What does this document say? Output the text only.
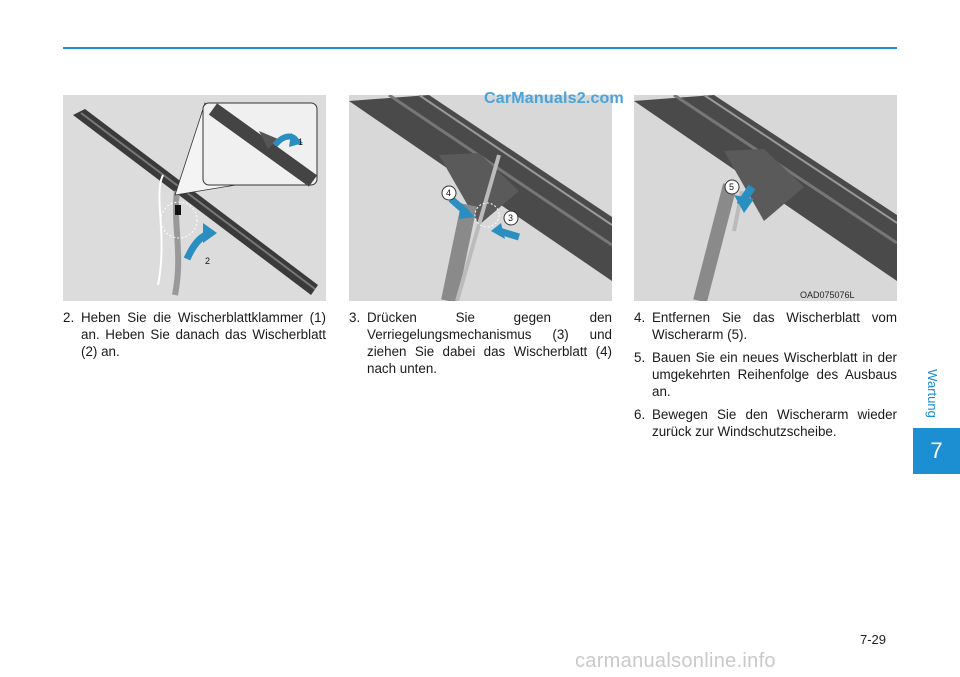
1
2
4
3
5
OAD075076L
CarManuals2.com

2. Heben Sie die Wischerblattklammer (1) an. Heben Sie danach das Wischerblatt (2) an.

3. Drücken Sie gegen den Verriegelungsmechanismus (3) und ziehen Sie dabei das Wischerblatt (4) nach unten.

4. Entfernen Sie das Wischerblatt vom Wischerarm (5).

5. Bauen Sie ein neues Wischerblatt in der umgekehrten Reihenfolge des Ausbaus an.

6. Bewegen Sie den Wischerarm wieder zurück zur Windschutzscheibe.

Wartung
7
7-29
carmanualsonline.info
